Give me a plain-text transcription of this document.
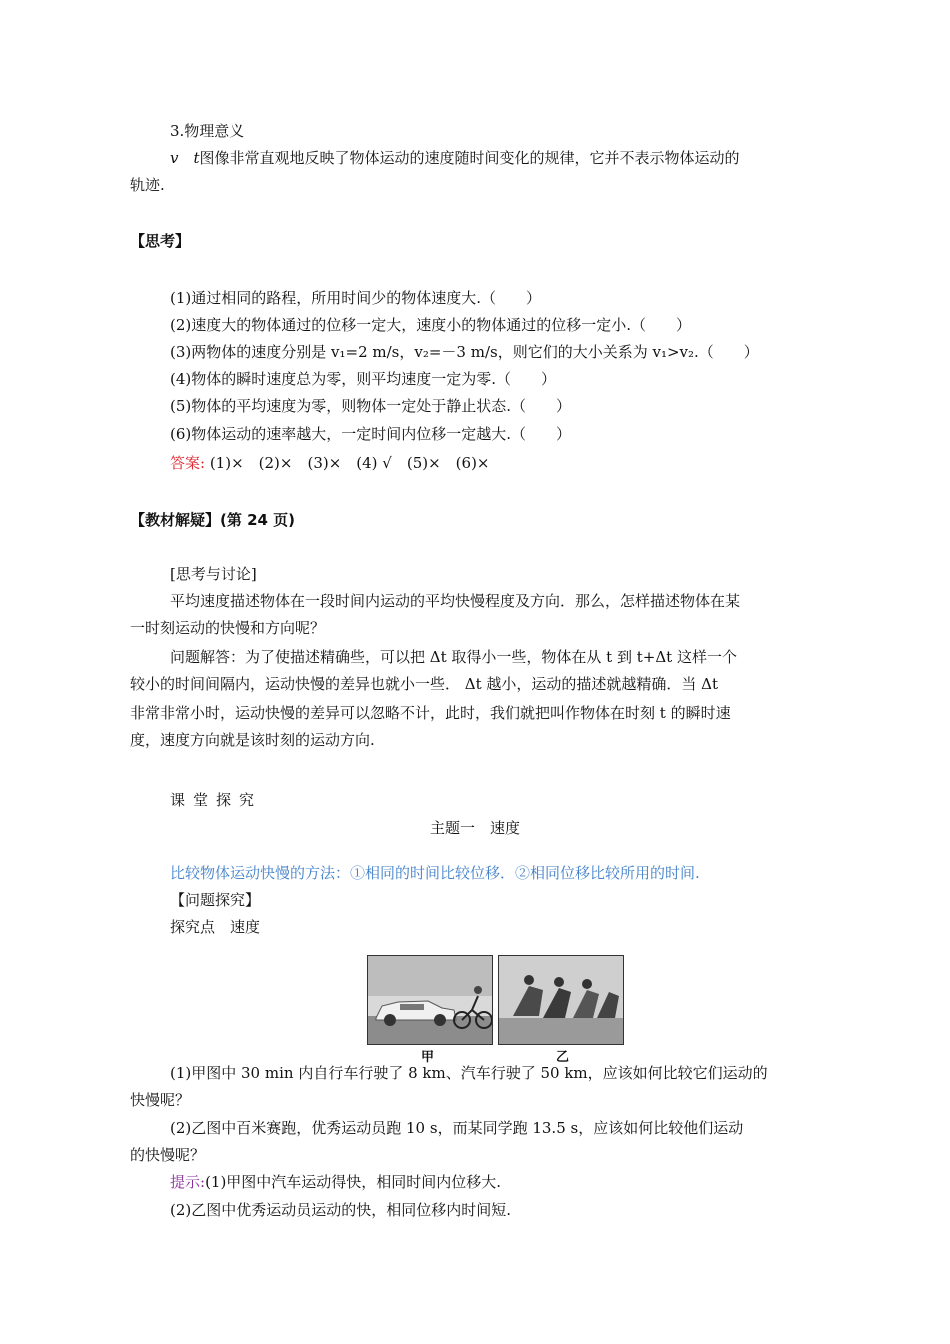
3.物理意义
v　t图像非常直观地反映了物体运动的速度随时间变化的规律，它并不表示物体运动的
轨迹.
【思考】
(1)通过相同的路程，所用时间少的物体速度大.（　　）
(2)速度大的物体通过的位移一定大，速度小的物体通过的位移一定小.（　　）
(3)两物体的速度分别是 v₁=2 m/s，v₂=－3 m/s，则它们的大小关系为 v₁>v₂.（　　）
(4)物体的瞬时速度总为零，则平均速度一定为零.（　　）
(5)物体的平均速度为零，则物体一定处于静止状态.（　　）
(6)物体运动的速率越大，一定时间内位移一定越大.（　　）
答案: (1)×　(2)×　(3)×　(4) √　(5)×　(6)×
【教材解疑】(第 24 页)
[思考与讨论]
平均速度描述物体在一段时间内运动的平均快慢程度及方向．那么，怎样描述物体在某
一时刻运动的快慢和方向呢？
问题解答：为了使描述精确些，可以把 Δt 取得小一些，物体在从 t 到 t+Δt 这样一个
较小的时间间隔内，运动快慢的差异也就小一些． Δt 越小，运动的描述就越精确．当 Δt
非常非常小时，运动快慢的差异可以忽略不计，此时，我们就把叫作物体在时刻 t 的瞬时速
度，速度方向就是该时刻的运动方向.
课堂探究
主题一　速度
比较物体运动快慢的方法：①相同的时间比较位移．②相同位移比较所用的时间.
【问题探究】
探究点　速度
甲	乙
(1)甲图中 30 min 内自行车行驶了 8 km、汽车行驶了 50 km，应该如何比较它们运动的
快慢呢？
(2)乙图中百米赛跑，优秀运动员跑 10 s，而某同学跑 13.5 s，应该如何比较他们运动
的快慢呢？
提示:(1)甲图中汽车运动得快，相同时间内位移大.
(2)乙图中优秀运动员运动的快，相同位移内时间短.
